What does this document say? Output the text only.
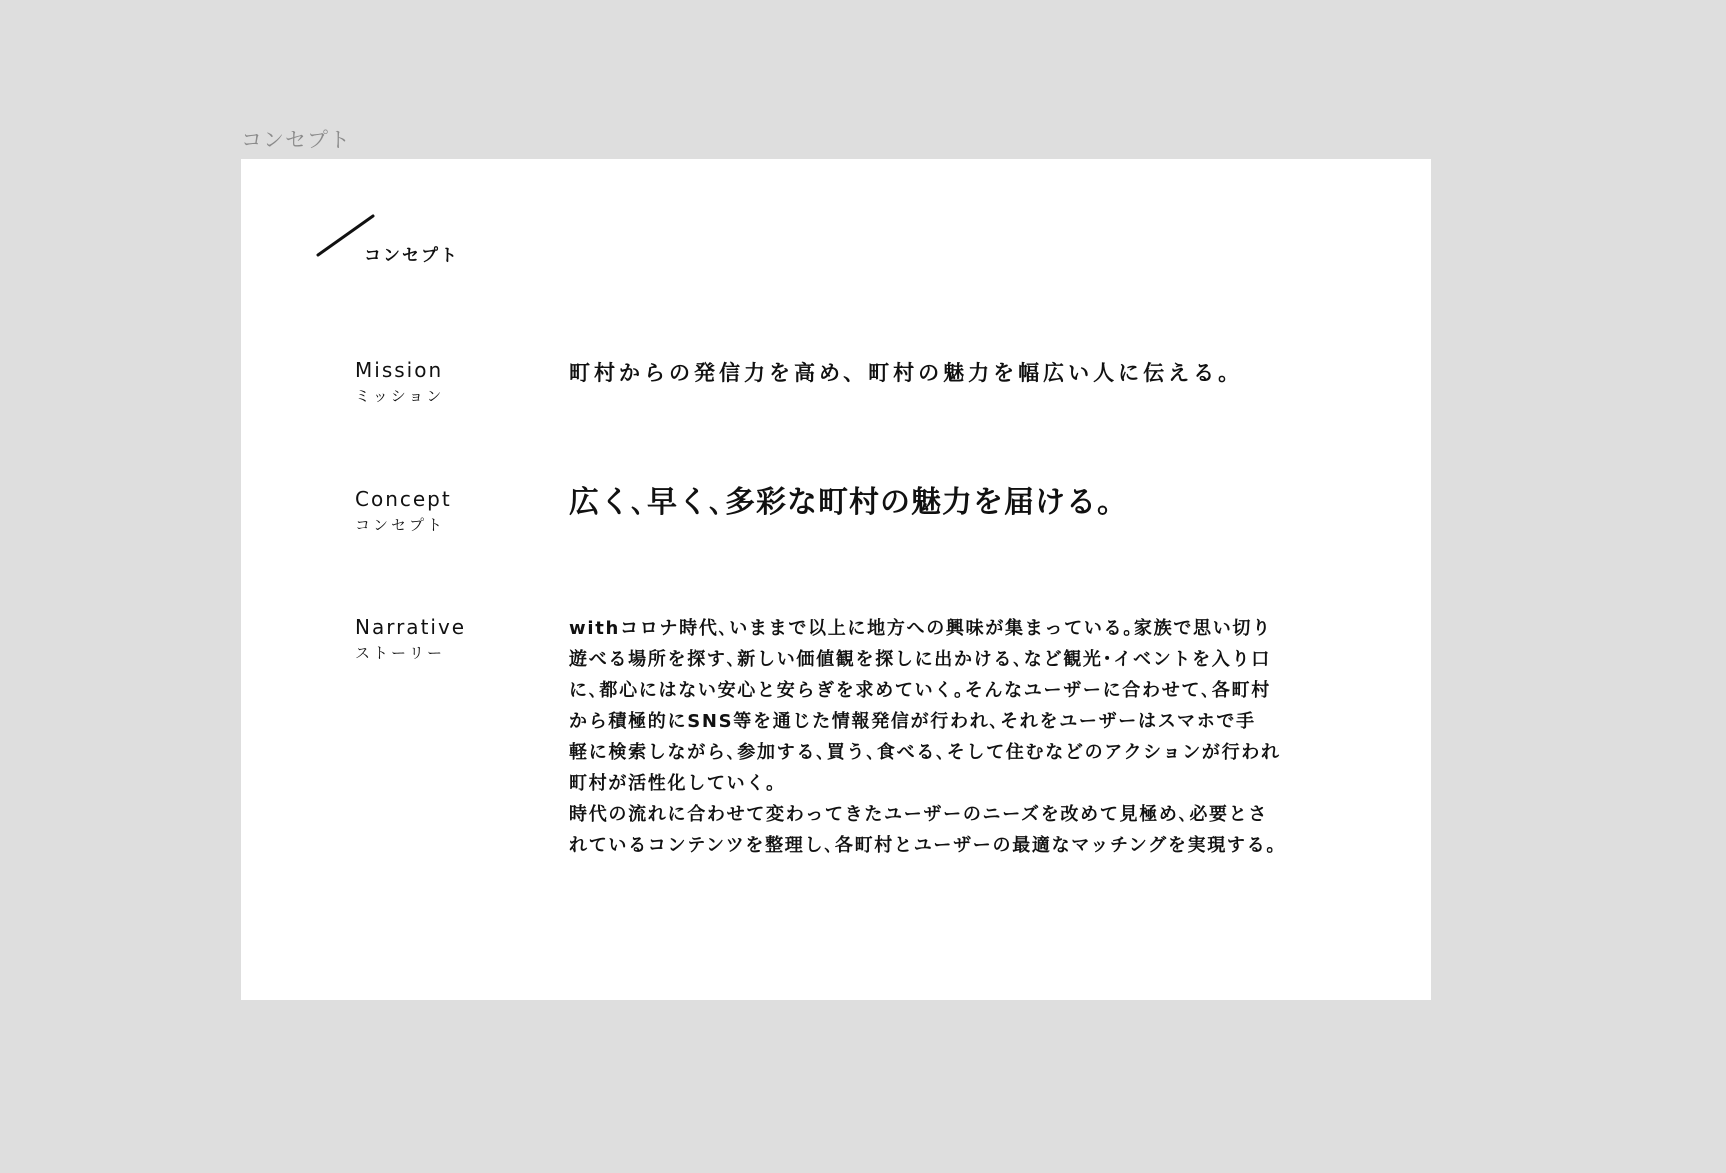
コンセプト
コンセプト
Mission
ミッション
町村からの発信力を高め、町村の魅力を幅広い人に伝える。
Concept
コンセプト
広く､早く､多彩な町村の魅力を届ける。
Narrative
ストーリー

withコロナ時代､いままで以上に地方への興味が集まっている｡家族で思い切り

遊べる場所を探す､新しい価値観を探しに出かける､など観光･イベントを入り口

に､都心にはない安心と安らぎを求めていく｡そんなユーザーに合わせて､各町村

から積極的にSNS等を通じた情報発信が行われ､それをユーザーはスマホで手

軽に検索しながら､参加する､買う､食べる､そして住むなどのアクションが行われ

町村が活性化していく｡

時代の流れに合わせて変わってきたユーザーのニーズを改めて見極め､必要とさ

れているコンテンツを整理し､各町村とユーザーの最適なマッチングを実現する｡
